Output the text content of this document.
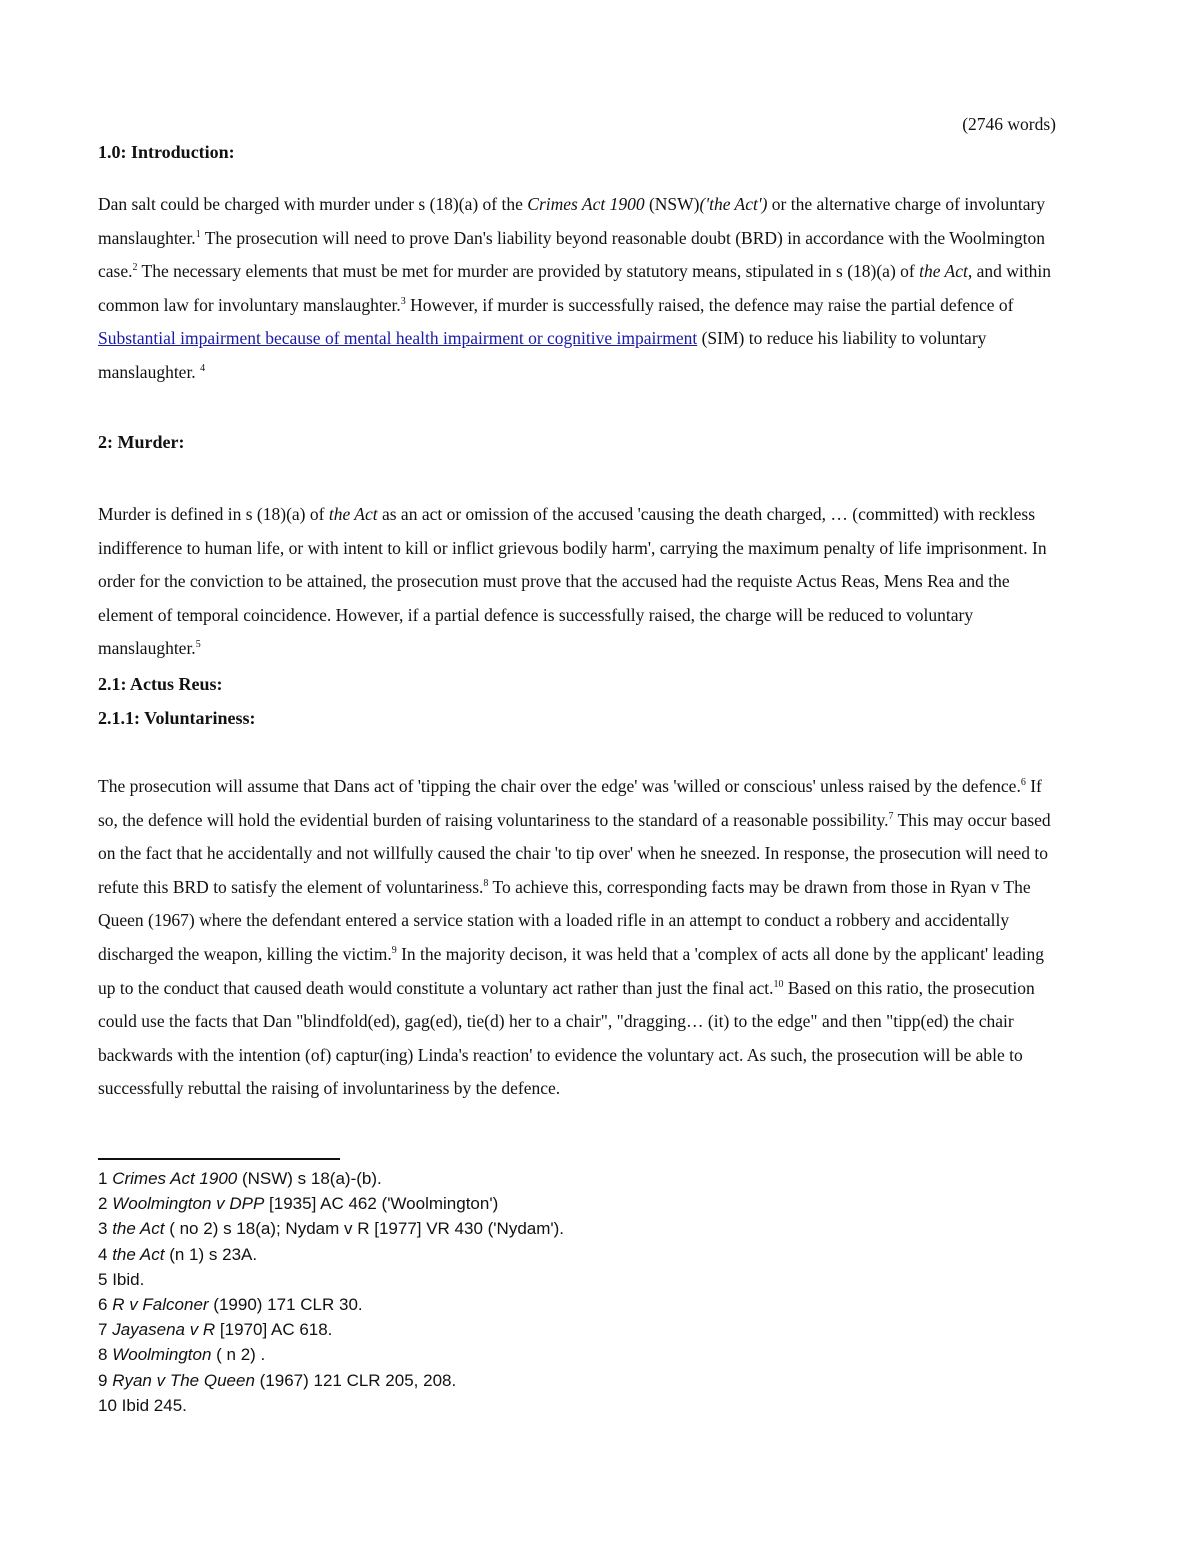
(2746 words)
1.0: Introduction:
Dan salt could be charged with murder under s (18)(a) of the Crimes Act 1900 (NSW)('the Act') or the alternative charge of involuntary manslaughter.$^1$ The prosecution will need to prove Dan's liability beyond reasonable doubt (BRD) in accordance with the Woolmington case.$^2$ The necessary elements that must be met for murder are provided by statutory means, stipulated in s (18)(a) of the Act, and within common law for involuntary manslaughter.$^3$ However, if murder is successfully raised, the defence may raise the partial defence of Substantial impairment because of mental health impairment or cognitive impairment (SIM) to reduce his liability to voluntary manslaughter. $^4$
2: Murder:
Murder is defined in s (18)(a) of the Act as an act or omission of the accused 'causing the death charged, … (committed) with reckless indifference to human life, or with intent to kill or inflict grievous bodily harm', carrying the maximum penalty of life imprisonment. In order for the conviction to be attained, the prosecution must prove that the accused had the requiste Actus Reas, Mens Rea and the element of temporal coincidence. However, if a partial defence is successfully raised, the charge will be reduced to voluntary manslaughter.$^5$
2.1: Actus Reus:
2.1.1: Voluntariness:
The prosecution will assume that Dans act of 'tipping the chair over the edge' was 'willed or conscious' unless raised by the defence.$^6$ If so, the defence will hold the evidential burden of raising voluntariness to the standard of a reasonable possibility.$^7$ This may occur based on the fact that he accidentally and not willfully caused the chair 'to tip over' when he sneezed. In response, the prosecution will need to refute this BRD to satisfy the element of voluntariness.$^8$ To achieve this, corresponding facts may be drawn from those in Ryan v The Queen (1967) where the defendant entered a service station with a loaded rifle in an attempt to conduct a robbery and accidentally discharged the weapon, killing the victim.$^9$ In the majority decison, it was held that a 'complex of acts all done by the applicant' leading up to the conduct that caused death would constitute a voluntary act rather than just the final act.$^{10}$ Based on this ratio, the prosecution could use the facts that Dan "blindfold(ed), gag(ed), tie(d) her to a chair", "dragging… (it) to the edge" and then "tipp(ed) the chair backwards with the intention (of) captur(ing) Linda's reaction' to evidence the voluntary act. As such, the prosecution will be able to successfully rebuttal the raising of involuntariness by the defence.
1 Crimes Act 1900 (NSW) s 18(a)-(b).
2 Woolmington v DPP [1935] AC 462 ('Woolmington')
3 the Act ( no 2) s 18(a); Nydam v R [1977] VR 430 ('Nydam').
4 the Act (n 1) s 23A.
5 Ibid.
6 R v Falconer (1990) 171 CLR 30.
7 Jayasena v R [1970] AC 618.
8 Woolmington ( n 2) .
9 Ryan v The Queen (1967) 121 CLR 205, 208.
10 Ibid 245.
